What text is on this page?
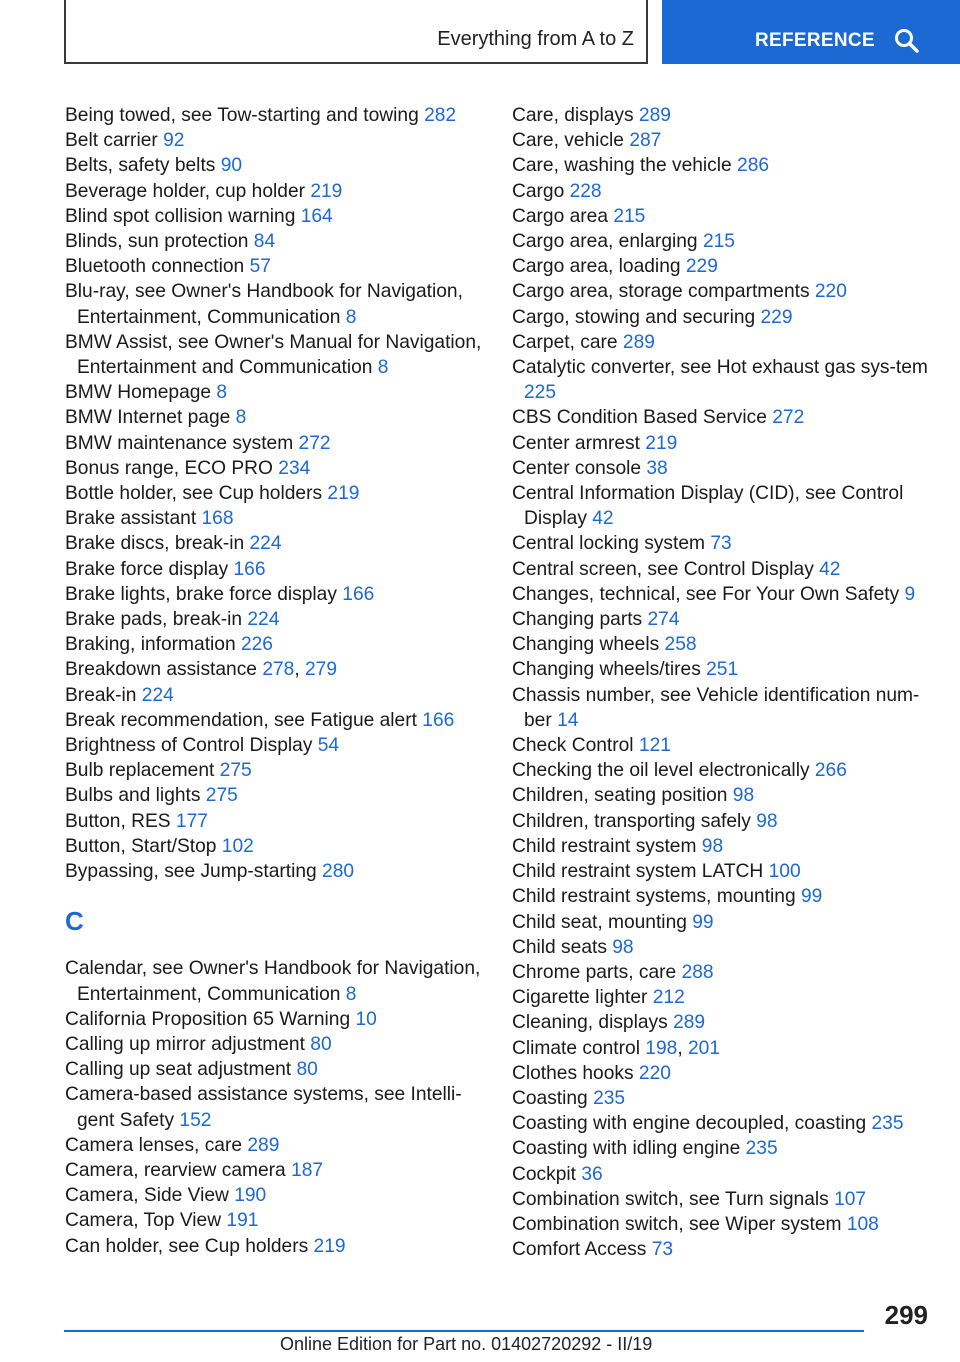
Everything from A to Z	REFERENCE
Being towed, see Tow-starting and towing 282
Belt carrier 92
Belts, safety belts 90
Beverage holder, cup holder 219
Blind spot collision warning 164
Blinds, sun protection 84
Bluetooth connection 57
Blu-ray, see Owner's Handbook for Navigation, Entertainment, Communication 8
BMW Assist, see Owner's Manual for Navigation, Entertainment and Communication 8
BMW Homepage 8
BMW Internet page 8
BMW maintenance system 272
Bonus range, ECO PRO 234
Bottle holder, see Cup holders 219
Brake assistant 168
Brake discs, break-in 224
Brake force display 166
Brake lights, brake force display 166
Brake pads, break-in 224
Braking, information 226
Breakdown assistance 278, 279
Break-in 224
Break recommendation, see Fatigue alert 166
Brightness of Control Display 54
Bulb replacement 275
Bulbs and lights 275
Button, RES 177
Button, Start/Stop 102
Bypassing, see Jump-starting 280
C
Calendar, see Owner's Handbook for Navigation, Entertainment, Communication 8
California Proposition 65 Warning 10
Calling up mirror adjustment 80
Calling up seat adjustment 80
Camera-based assistance systems, see Intelli-gent Safety 152
Camera lenses, care 289
Camera, rearview camera 187
Camera, Side View 190
Camera, Top View 191
Can holder, see Cup holders 219
Care, displays 289
Care, vehicle 287
Care, washing the vehicle 286
Cargo 228
Cargo area 215
Cargo area, enlarging 215
Cargo area, loading 229
Cargo area, storage compartments 220
Cargo, stowing and securing 229
Carpet, care 289
Catalytic converter, see Hot exhaust gas sys-tem 225
CBS Condition Based Service 272
Center armrest 219
Center console 38
Central Information Display (CID), see Control Display 42
Central locking system 73
Central screen, see Control Display 42
Changes, technical, see For Your Own Safety 9
Changing parts 274
Changing wheels 258
Changing wheels/tires 251
Chassis number, see Vehicle identification num-ber 14
Check Control 121
Checking the oil level electronically 266
Children, seating position 98
Children, transporting safely 98
Child restraint system 98
Child restraint system LATCH 100
Child restraint systems, mounting 99
Child seat, mounting 99
Child seats 98
Chrome parts, care 288
Cigarette lighter 212
Cleaning, displays 289
Climate control 198, 201
Clothes hooks 220
Coasting 235
Coasting with engine decoupled, coasting 235
Coasting with idling engine 235
Cockpit 36
Combination switch, see Turn signals 107
Combination switch, see Wiper system 108
Comfort Access 73
299
Online Edition for Part no. 01402720292 - II/19
